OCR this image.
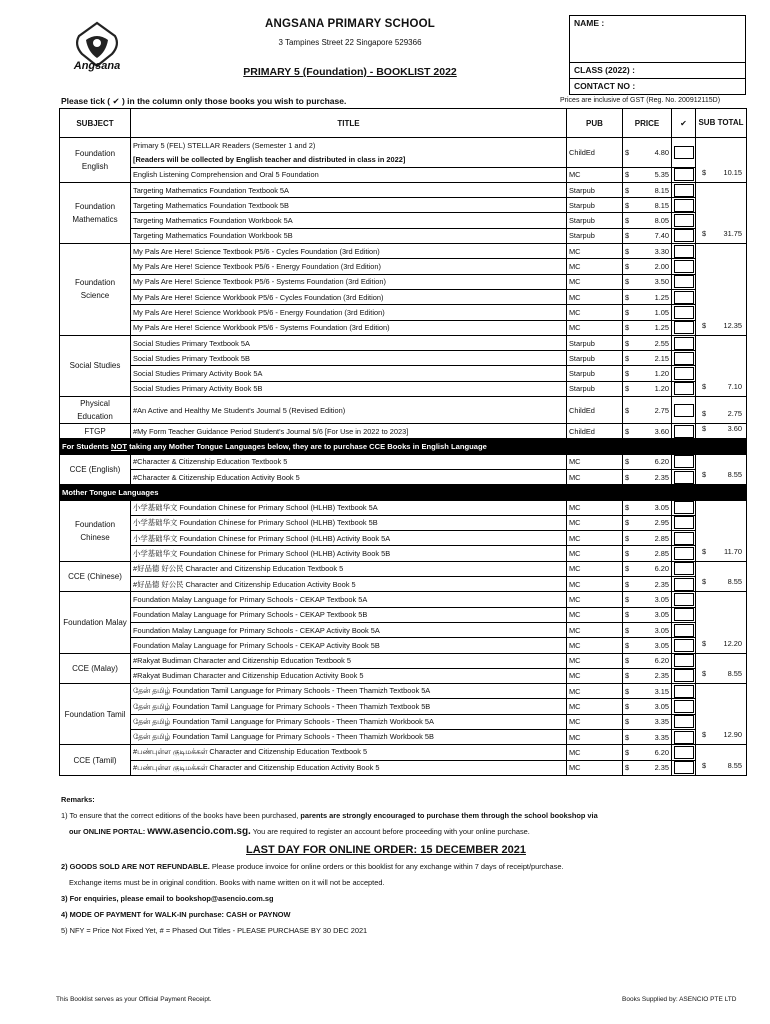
Angsana
ANGSANA PRIMARY SCHOOL
3 Tampines Street 22 Singapore 529366
PRIMARY 5 (Foundation) - BOOKLIST 2022
NAME :
CLASS (2022) :
CONTACT NO :
Please tick ( ✔ ) in the column only those books you wish to purchase.	Prices are inclusive of GST (Reg. No. 200912115D)
SUBJECT	TITLE	PUB	PRICE	✔	SUB TOTAL
Foundation English	Primary 5 (FEL) STELLAR Readers (Semester 1 and 2)	ChildEd	$ 4.80		$ 10.15

	[Readers will be collected by English teacher and distributed in class in 2022]				
	English Listening Comprehension and Oral 5 Foundation	MC	$ 5.35		

Foundation Mathematics	Targeting Mathematics Foundation Textbook 5A	Starpub	$ 8.15		$ 31.75

	Targeting Mathematics Foundation Textbook 5B	Starpub	$ 8.15		

	Targeting Mathematics Foundation Workbook 5A	Starpub	$ 8.05		

	Targeting Mathematics Foundation Workbook 5B	Starpub	$ 7.40		

Foundation Science	My Pals Are Here! Science Textbook P5/6 - Cycles Foundation (3rd Edition)	MC	$ 3.30		$ 12.35

	My Pals Are Here! Science Textbook P5/6 - Energy Foundation (3rd Edition)	MC	$ 2.00		

	My Pals Are Here! Science Textbook P5/6 - Systems Foundation (3rd Edition)	MC	$ 3.50		

	My Pals Are Here! Science Workbook P5/6 - Cycles Foundation (3rd Edition)	MC	$ 1.25		

	My Pals Are Here! Science Workbook P5/6 - Energy Foundation (3rd Edition)	MC	$ 1.05		

	My Pals Are Here! Science Workbook P5/6 - Systems Foundation (3rd Edition)	MC	$ 1.25		

Social Studies	Social Studies Primary Textbook 5A	Starpub	$ 2.55		$ 7.10

	Social Studies Primary Textbook 5B	Starpub	$ 2.15		

	Social Studies Primary Activity Book 5A	Starpub	$ 1.20		

	Social Studies Primary Activity Book 5B	Starpub	$ 1.20		

Physical Education	#An Active and Healthy Me Student's Journal 5 (Revised Edition)	ChildEd	$ 2.75		$ 2.75

FTGP	#My Form Teacher Guidance Period Student's Journal 5/6 [For Use in 2022 to 2023]	ChildEd	$ 3.60		$ 3.60

For Students NOT taking any Mother Tongue Languages below, they are to purchase CCE Books in English Language					
CCE (English)	#Character & Citizenship Education Textbook 5	MC	$ 6.20		$ 8.55

	#Character & Citizenship Education Activity Book 5	MC	$ 2.35		

Mother Tongue Languages					
Foundation Chinese	小学基础华文 Foundation Chinese for Primary School (HLHB) Textbook 5A	MC	$ 3.05		$ 11.70

	小学基础华文 Foundation Chinese for Primary School (HLHB) Textbook 5B	MC	$ 2.95		

	小学基础华文 Foundation Chinese for Primary School (HLHB) Activity Book 5A	MC	$ 2.85		

	小学基础华文 Foundation Chinese for Primary School (HLHB) Activity Book 5B	MC	$ 2.85		

CCE (Chinese)	#好品德 好公民 Character and Citizenship Education Textbook 5	MC	$ 6.20		$ 8.55

	#好品德 好公民 Character and Citizenship Education Activity Book 5	MC	$ 2.35		

Foundation Malay	Foundation Malay Language for Primary Schools - CEKAP Textbook 5A	MC	$ 3.05		$ 12.20

	Foundation Malay Language for Primary Schools - CEKAP Textbook 5B	MC	$ 3.05		

	Foundation Malay Language for Primary Schools - CEKAP Activity Book 5A	MC	$ 3.05		

	Foundation Malay Language for Primary Schools - CEKAP Activity Book 5B	MC	$ 3.05		

CCE (Malay)	#Rakyat Budiman Character and Citizenship Education Textbook 5	MC	$ 6.20		$ 8.55

	#Rakyat Budiman Character and Citizenship Education Activity Book 5	MC	$ 2.35		

Foundation Tamil	தேன் தமிழ் Foundation Tamil Language for Primary Schools - Theen Thamizh Textbook 5A	MC	$ 3.15		$ 12.90

	தேன் தமிழ் Foundation Tamil Language for Primary Schools - Theen Thamizh Textbook 5B	MC	$ 3.05		

	தேன் தமிழ் Foundation Tamil Language for Primary Schools - Theen Thamizh Workbook 5A	MC	$ 3.35		

	தேன் தமிழ் Foundation Tamil Language for Primary Schools - Theen Thamizh Workbook 5B	MC	$ 3.35		

CCE (Tamil)	#பண்புள்ள குடிமக்கள் Character and Citizenship Education Textbook 5	MC	$ 6.20		$ 8.55

	#பண்புள்ள குடிமக்கள் Character and Citizenship Education Activity Book 5	MC	$ 2.35		

Remarks:
1) To ensure that the correct editions of the books have been purchased, parents are strongly encouraged to purchase them through the school bookshop via
our ONLINE PORTAL: www.asencio.com.sg. You are required to register an account before proceeding with your online purchase.
LAST DAY FOR ONLINE ORDER: 15 DECEMBER 2021
2) GOODS SOLD ARE NOT REFUNDABLE. Please produce invoice for online orders or this booklist for any exchange within 7 days of receipt/purchase.
Exchange items must be in original condition. Books with name written on it will not be accepted.
3) For enquiries, please email to bookshop@asencio.com.sg
4) MODE OF PAYMENT for WALK-IN purchase: CASH or PAYNOW
5) NFY = Price Not Fixed Yet, # = Phased Out Titles - PLEASE PURCHASE BY 30 DEC 2021
This Booklist serves as your Official Payment Receipt.	Books Supplied by: ASENCIO PTE LTD
